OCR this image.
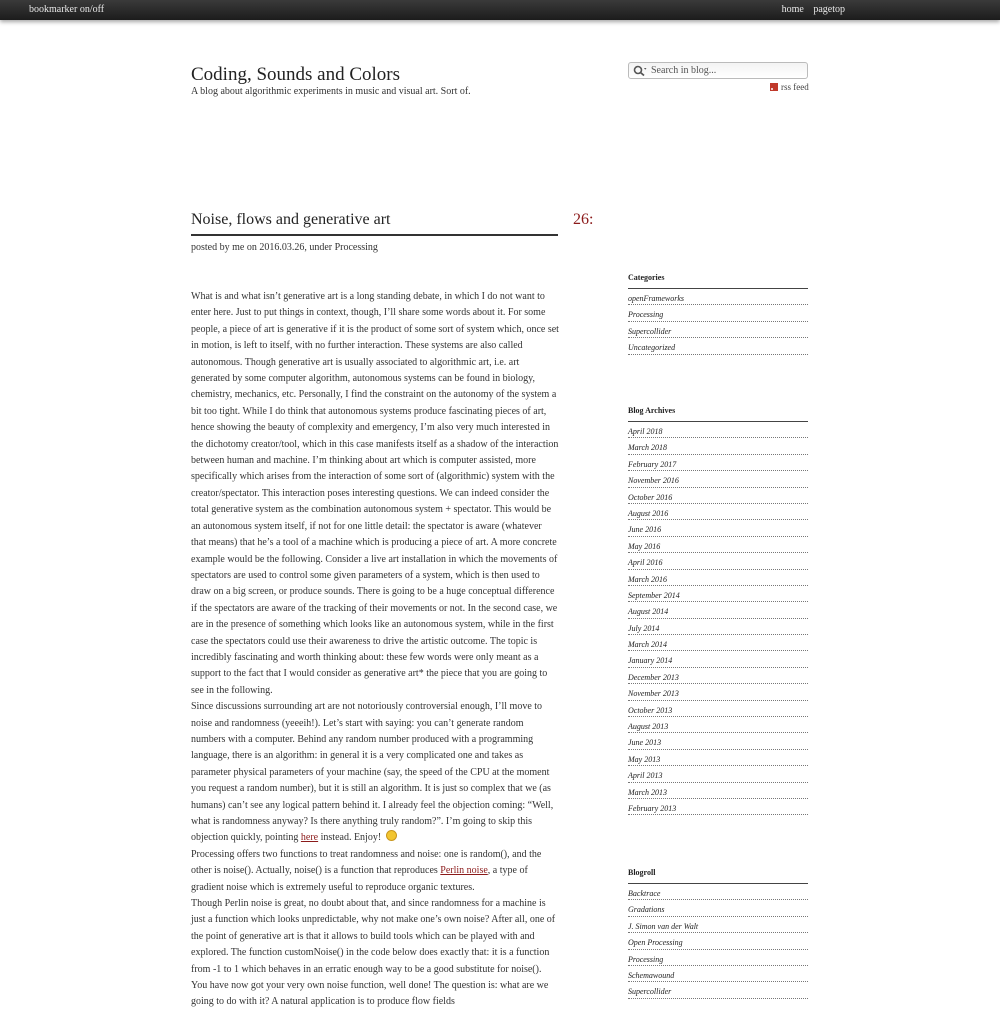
bookmarker on/off	home pagetop
Coding, Sounds and Colors
A blog about algorithmic experiments in music and visual art. Sort of.
Search in blog...	rss feed
Noise, flows and generative art	26:
posted by me on 2016.03.26, under Processing

What is and what isn’t generative art is a long standing debate, in which I do not want to enter here. Just to put things in context, though, I’ll share some words about it. For some people, a piece of art is generative if it is the product of some sort of system which, once set in motion, is left to itself, with no further interaction. These systems are also called autonomous. Though generative art is usually associated to algorithmic art, i.e. art generated by some computer algorithm, autonomous systems can be found in biology, chemistry, mechanics, etc. Personally, I find the constraint on the autonomy of the system a bit too tight. While I do think that autonomous systems produce fascinating pieces of art, hence showing the beauty of complexity and emergency, I’m also very much interested in the dichotomy creator/tool, which in this case manifests itself as a shadow of the interaction between human and machine. I’m thinking about art which is computer assisted, more specifically which arises from the interaction of some sort of (algorithmic) system with the creator/spectator. This interaction poses interesting questions. We can indeed consider the total generative system as the combination autonomous system + spectator. This would be an autonomous system itself, if not for one little detail: the spectator is aware (whatever that means) that he’s a tool of a machine which is producing a piece of art. A more concrete example would be the following. Consider a live art installation in which the movements of spectators are used to control some given parameters of a system, which is then used to draw on a big screen, or produce sounds. There is going to be a huge conceptual difference if the spectators are aware of the tracking of their movements or not. In the second case, we are in the presence of something which looks like an autonomous system, while in the first case the spectators could use their awareness to drive the artistic outcome. The topic is incredibly fascinating and worth thinking about: these few words were only meant as a support to the fact that I would consider as generative art* the piece that you are going to see in the following.

Since discussions surrounding art are not notoriously controversial enough, I’ll move to noise and randomness (yeeeih!). Let’s start with saying: you can’t generate random numbers with a computer. Behind any random number produced with a programming language, there is an algorithm: in general it is a very complicated one and takes as parameter physical parameters of your machine (say, the speed of the CPU at the moment you request a random number), but it is still an algorithm. It is just so complex that we (as humans) can’t see any logical pattern behind it. I already feel the objection coming: “Well, what is randomness anyway? Is there anything truly random?”. I’m going to skip this objection quickly, pointing here instead. Enjoy!

Processing offers two functions to treat randomness and noise: one is random(), and the other is noise(). Actually, noise() is a function that reproduces Perlin noise, a type of gradient noise which is extremely useful to reproduce organic textures.

Though Perlin noise is great, no doubt about that, and since randomness for a machine is just a function which looks unpredictable, why not make one’s own noise? After all, one of the point of generative art is that it allows to build tools which can be played with and explored. The function customNoise() in the code below does exactly that: it is a function from -1 to 1 which behaves in an erratic enough way to be a good substitute for noise(). You have now got your very own noise function, well done! The question is: what are we going to do with it? A natural application is to produce flow fields

Categories
openFrameworks
Processing
Supercollider
Uncategorized
Blog Archives
April 2018
March 2018
February 2017
November 2016
October 2016
August 2016
June 2016
May 2016
April 2016
March 2016
September 2014
August 2014
July 2014
March 2014
January 2014
December 2013
November 2013
October 2013
August 2013
June 2013
May 2013
April 2013
March 2013
February 2013
Blogroll
Backtrace
Gradations
J. Simon van der Walt
Open Processing
Processing
Schemawound
Supercollider
